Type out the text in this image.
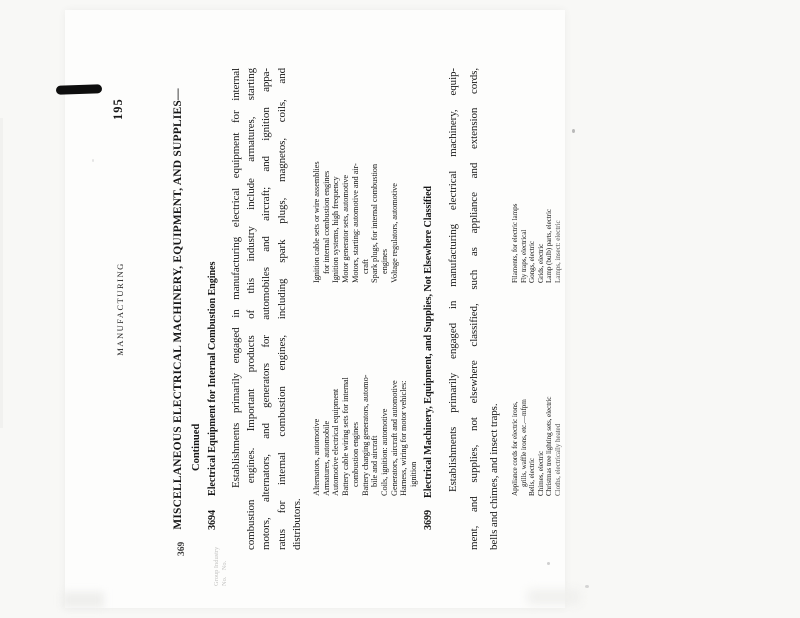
MANUFACTURING
195	MISCELLANEOUS ELECTRICAL MACHINERY, EQUIPMENT, AND SUPPLIES— Continued
369	Group Industry No.    No.
3694
Electrical Equipment for Internal Combustion Engines Establishments primarily engaged in manufacturing electrical equipment for internal combustion engines. Important products of this industry include armatures, starting motors, alternators, and generators for automobiles and aircraft; and ignition appa- ratus for internal combustion engines, including spark plugs, magnetos, coils, and distributors.
Alternators, automotive Armatures, automobile Automotive electrical equipment Battery cable wiring sets for internal combustion engines Battery charging generators, automo- bile and aircraft Coils, ignition: automotive Generators, aircraft and automotive Harness, wiring for motor vehicles: ignition
Ignition cable sets or wire assemblies for internal combustion engines Ignition systems, high frequency Motor generator sets, automotive Motors, starting: automotive and air- craft Spark plugs, for internal combustion engines Voltage regulators, automotive
3699
Electrical Machinery, Equipment, and Supplies, Not Elsewhere Classified Establishments primarily engaged in manufacturing electrical machinery, equip- ment, and supplies, not elsewhere classified, such as appliance and extension cords, bells and chimes, and insect traps.	Appliance cords for electric irons, grills, waffle irons, etc.—mfpm Bells, electric Chimes, electric Christmas tree lighting sets, electric Cloths, electrically heated
Filaments, for electric lamps Fly traps, electrical Gongs, electric Grids, electric Lamp (bulb) parts, electric Lamps, insect: electric
